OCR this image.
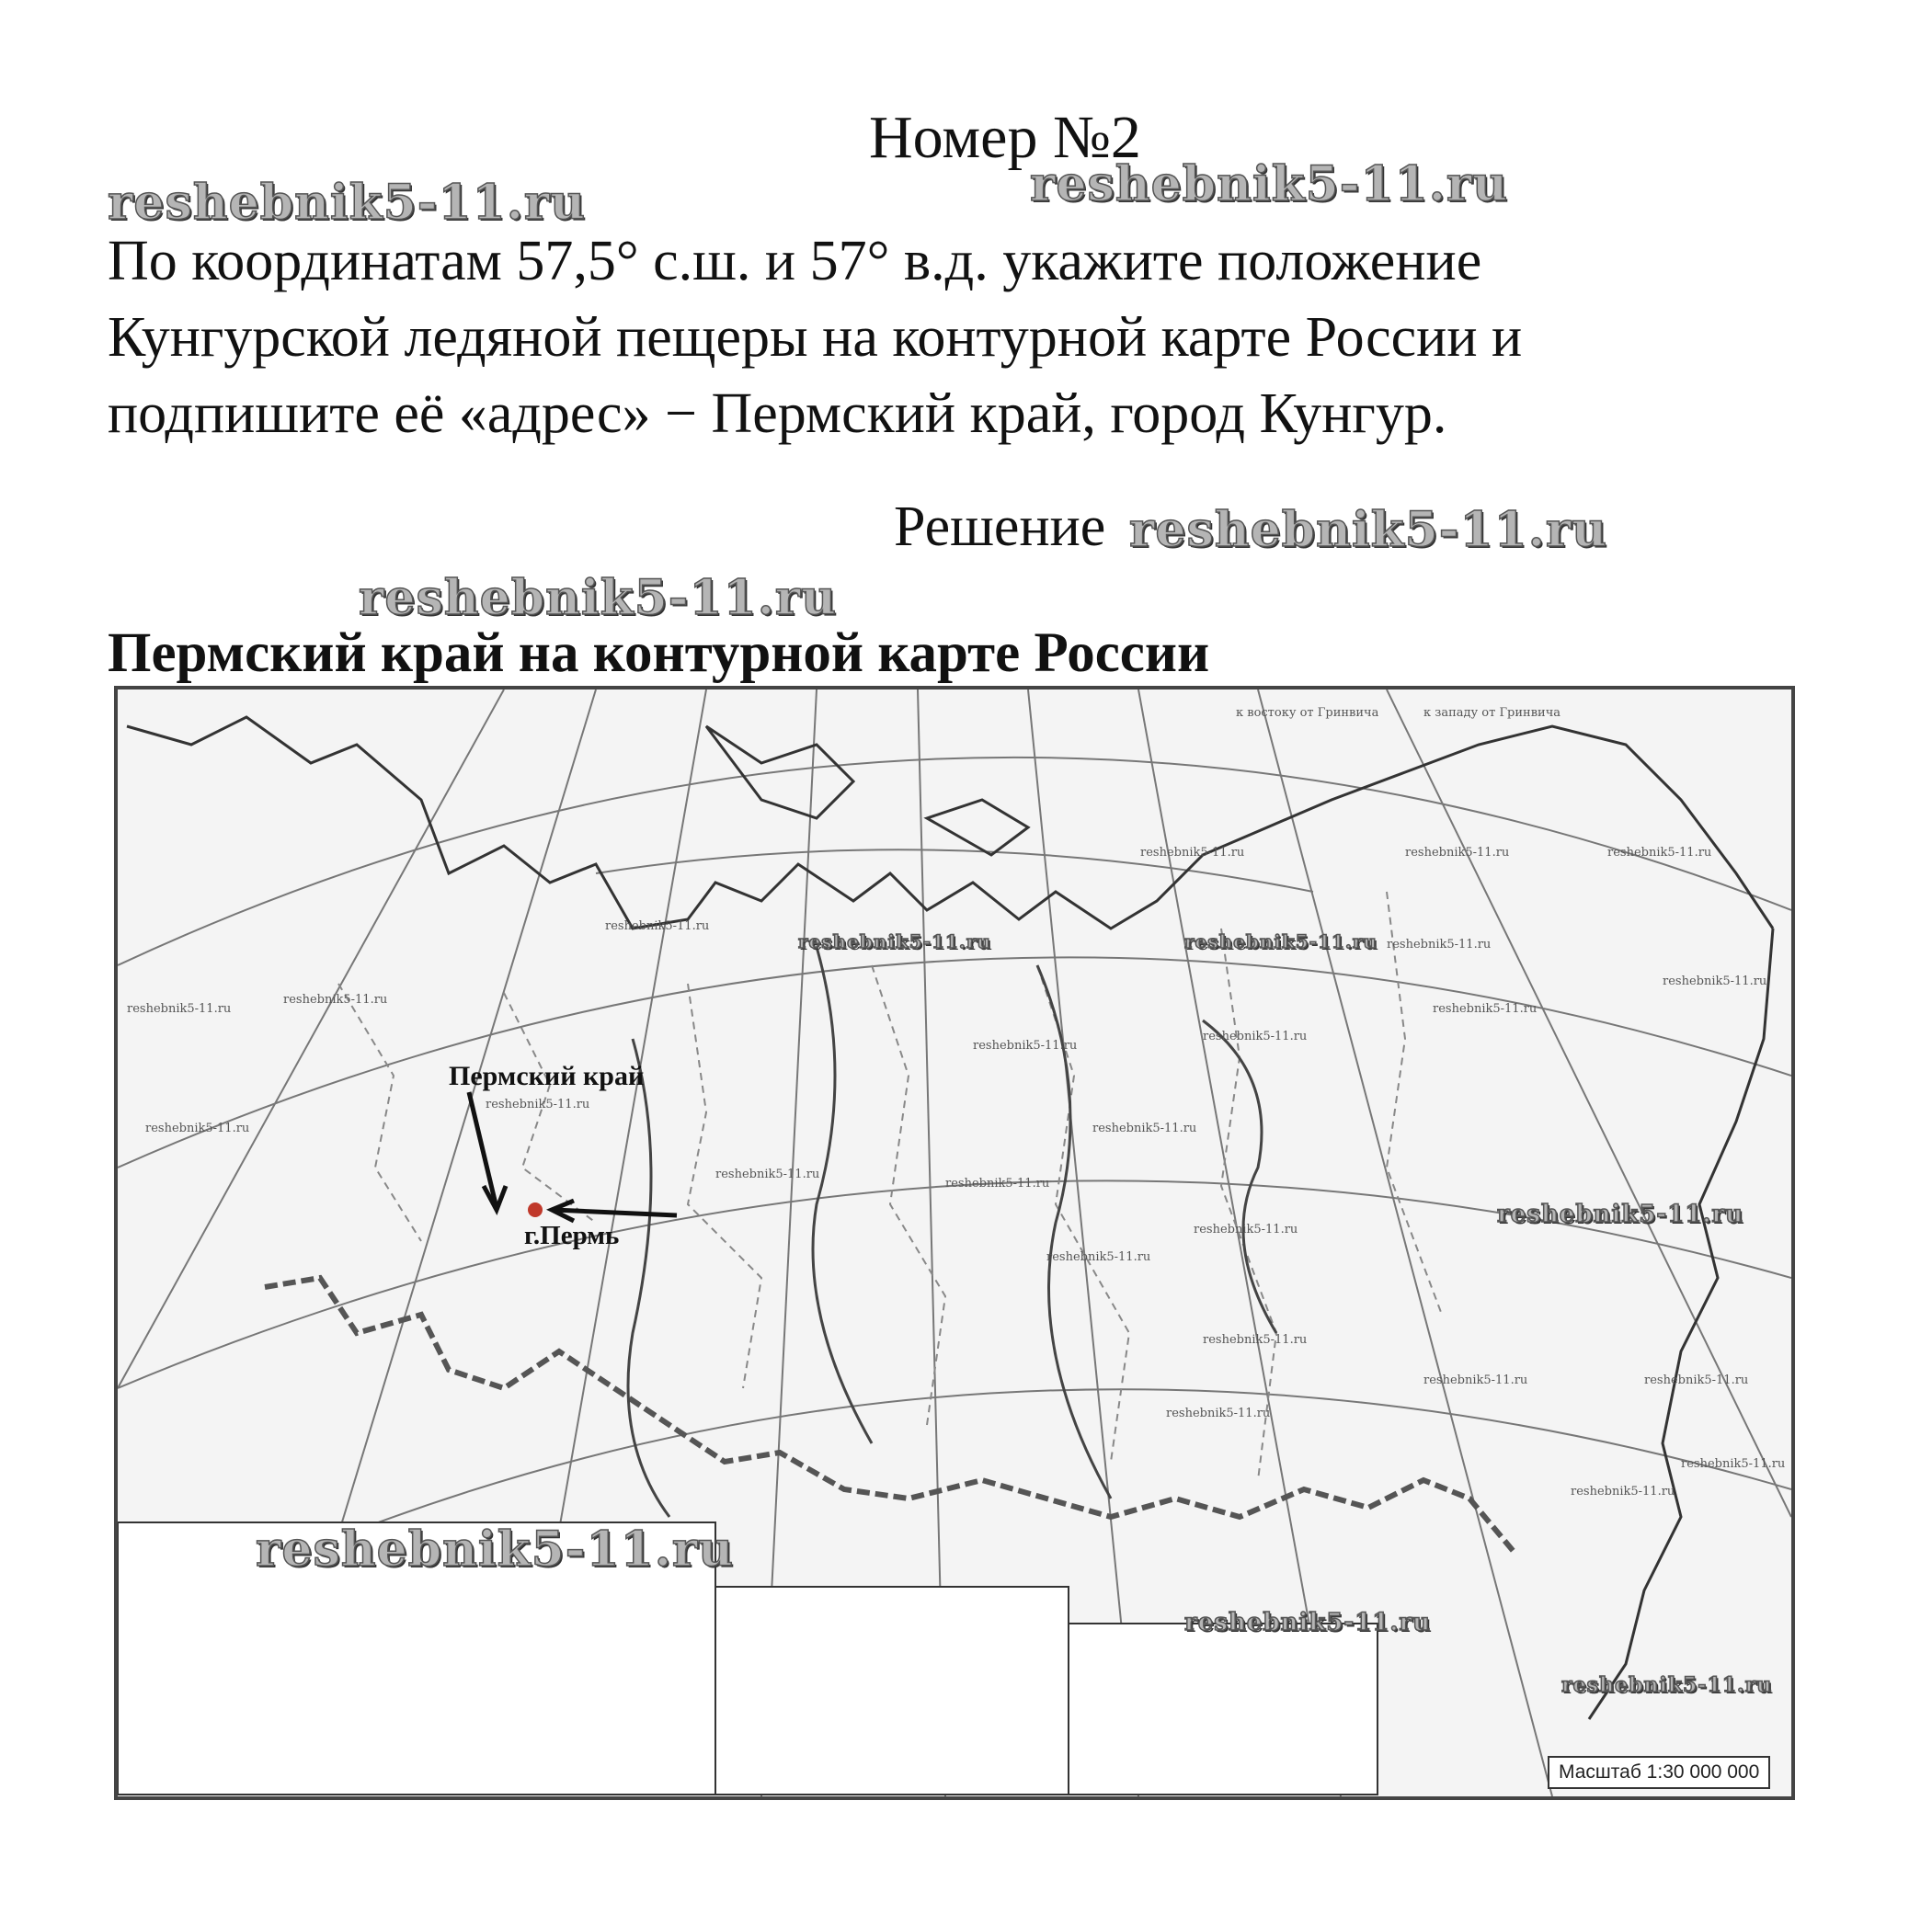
Номер №2
reshebnik5-11.ru	reshebnik5-11.ru
По координатам 57,5° с.ш. и 57° в.д. укажите положение
Кунгурской ледяной пещеры на контурной карте России и
подпишите её «адрес» − Пермский край, город Кунгур.
Решение reshebnik5-11.ru
reshebnik5-11.ru
Пермский край на контурной карте России
Пермский край
г.Пермь
к востоку от Гринвича	к западу от Гринвича
Масштаб 1:30 000 000
reshebnik5-11.ru	reshebnik5-11.ru	reshebnik5-11.ru
reshebnik5-11.ru
reshebnik5-11.ru
reshebnik5-11.ru
reshebnik5-11.ru
reshebnik5-11.ru
reshebnik5-11.ru
reshebnik5-11.ru
reshebnik5-11.ru
reshebnik5-11.ru
reshebnik5-11.ru	reshebnik5-11.ru
reshebnik5-11.ru
reshebnik5-11.ru
reshebnik5-11.ru
reshebnik5-11.ru
reshebnik5-11.ru
reshebnik5-11.ru	reshebnik5-11.ru
reshebnik5-11.ru
reshebnik5-11.ru
reshebnik5-11.ru
reshebnik5-11.ru
reshebnik5-11.ru	reshebnik5-11.ru
reshebnik5-11.ru
reshebnik5-11.ru
reshebnik5-11.ru
